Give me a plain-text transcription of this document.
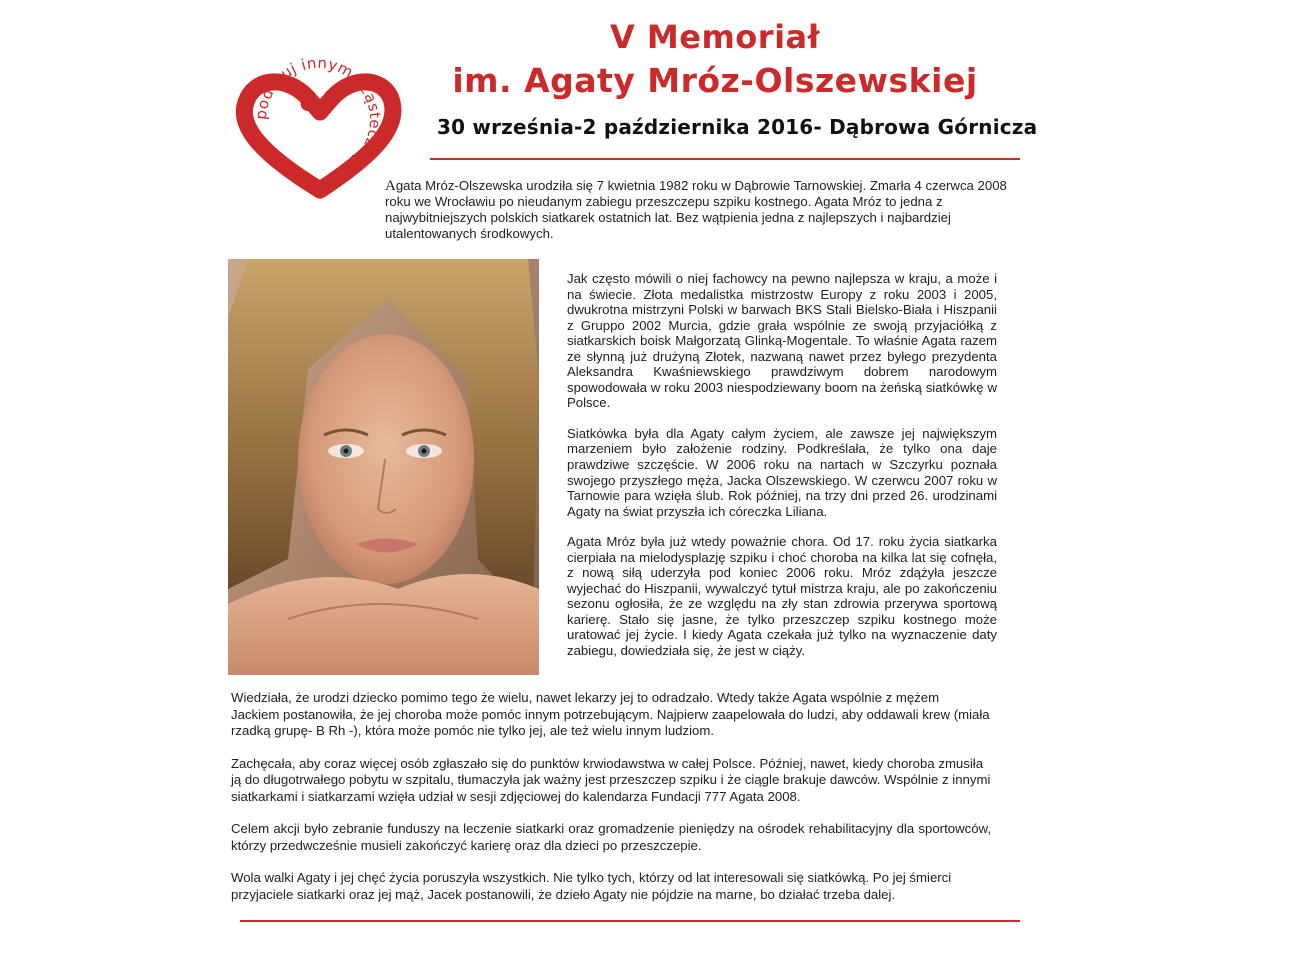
podaruj innym cząsteczkę si
V Memoriał
im. Agaty Mróz-Olszewskiej
30 września-2 października 2016- Dąbrowa Górnicza
Agata Mróz-Olszewska urodziła się 7 kwietnia 1982 roku w Dąbrowie Tarnowskiej. Zmarła 4 czerwca 2008 roku we Wrocławiu po nieudanym zabiegu przeszczepu szpiku kostnego. Agata Mróz to jedna z najwybitniejszych polskich siatkarek ostatnich lat. Bez wątpienia jedna z najlepszych i najbardziej utalentowanych środkowych.

Jak często mówili o niej fachowcy na pewno najlepsza w kraju, a może i na świecie. Złota medalistka mistrzostw Europy z roku 2003 i 2005, dwukrotna mistrzyni Polski w barwach BKS Stali Bielsko-Biała i Hiszpanii z Gruppo 2002 Murcia, gdzie grała wspólnie ze swoją przyjaciółką z siatkarskich boisk Małgorzatą Glinką-Mogentale. To właśnie Agata razem ze słynną już drużyną Złotek, nazwaną nawet przez byłego prezydenta Aleksandra Kwaśniewskiego prawdziwym dobrem narodowym spowodowała w roku 2003 niespodziewany boom na żeńską siatkówkę w Polsce.

Siatkówka była dla Agaty całym życiem, ale zawsze jej największym marzeniem było założenie rodziny. Podkreślała, że tylko ona daje prawdziwe szczęście. W 2006 roku na nartach w Szczyrku poznała swojego przyszłego męża, Jacka Olszewskiego. W czerwcu 2007 roku w Tarnowie para wzięła ślub. Rok później, na trzy dni przed 26. urodzinami Agaty na świat przyszła ich córeczka Liliana.

Agata Mróz była już wtedy poważnie chora. Od 17. roku życia siatkarka cierpiała na mielodysplazję szpiku i choć choroba na kilka lat się cofnęła, z nową siłą uderzyła pod koniec 2006 roku. Mróz zdążyła jeszcze wyjechać do Hiszpanii, wywalczyć tytuł mistrza kraju, ale po zakończeniu sezonu ogłosiła, że ze względu na zły stan zdrowia przerywa sportową karierę. Stało się jasne, że tylko przeszczep szpiku kostnego może uratować jej życie. I kiedy Agata czekała już tylko na wyznaczenie daty zabiegu, dowiedziała się, że jest w ciąży.

Wiedziała, że urodzi dziecko pomimo tego że wielu, nawet lekarzy jej to odradzało. Wtedy także Agata wspólnie z mężem Jackiem postanowiła, że jej choroba może pomóc innym potrzebującym. Najpierw zaapelowała do ludzi, aby oddawali krew (miała rzadką grupę- B Rh -), która może pomóc nie tylko jej, ale też wielu innym ludziom.

Zachęcała, aby coraz więcej osób zgłaszało się do punktów krwiodawstwa w całej Polsce. Później, nawet, kiedy choroba zmusiła ją do długotrwałego pobytu w szpitalu, tłumaczyła jak ważny jest przeszczep szpiku i że ciągle brakuje dawców. Wspólnie z innymi siatkarkami i siatkarzami wzięła udział w sesji zdjęciowej do kalendarza Fundacji 777 Agata 2008.

Celem akcji było zebranie funduszy na leczenie siatkarki oraz gromadzenie pieniędzy na ośrodek rehabilitacyjny dla sportowców, którzy przedwcześnie musieli zakończyć karierę oraz dla dzieci po przeszczepie.

Wola walki Agaty i jej chęć życia poruszyła wszystkich. Nie tylko tych, którzy od lat interesowali się siatkówką. Po jej śmierci przyjaciele siatkarki oraz jej mąż, Jacek postanowili, że dzieło Agaty nie pójdzie na marne, bo działać trzeba dalej.
